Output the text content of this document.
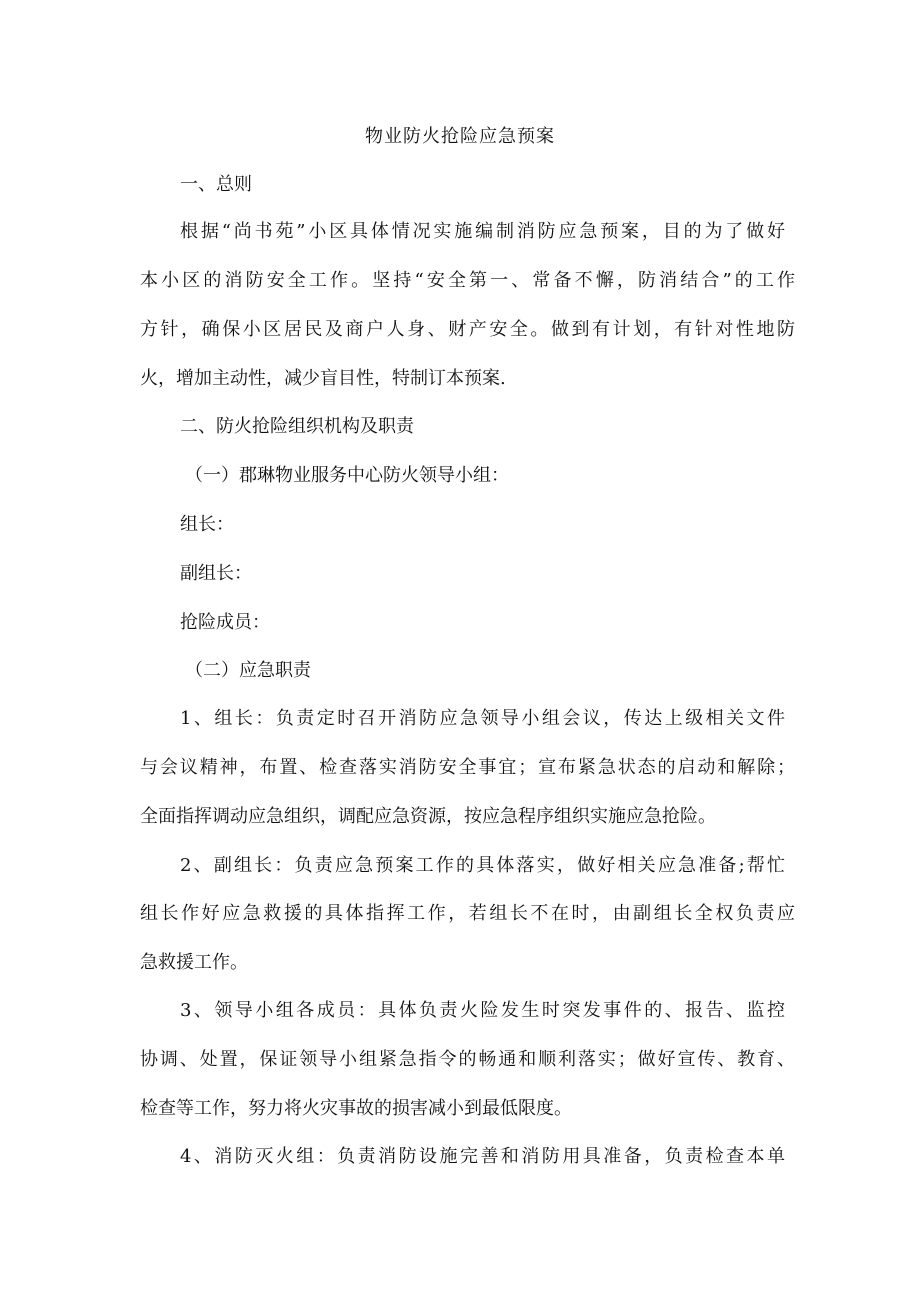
物业防火抢险应急预案

一、总则

根据“尚书苑”小区具体情况实施编制消防应急预案，目的为了做好

本小区的消防安全工作。坚持“安全第一、常备不懈，防消结合”的工作

方针，确保小区居民及商户人身、财产安全。做到有计划，有针对性地防

火，增加主动性，减少盲目性，特制订本预案.

二、防火抢险组织机构及职责

（一）郡琳物业服务中心防火领导小组：

组长：

副组长：

抢险成员：

（二）应急职责

1、组长：负责定时召开消防应急领导小组会议，传达上级相关文件

与会议精神，布置、检查落实消防安全事宜；宣布紧急状态的启动和解除；

全面指挥调动应急组织，调配应急资源，按应急程序组织实施应急抢险。

2、副组长：负责应急预案工作的具体落实，做好相关应急准备;帮忙

组长作好应急救援的具体指挥工作，若组长不在时，由副组长全权负责应

急救援工作。

3、领导小组各成员：具体负责火险发生时突发事件的、报告、监控

协调、处置，保证领导小组紧急指令的畅通和顺利落实；做好宣传、教育、

检查等工作，努力将火灾事故的损害减小到最低限度。

4、消防灭火组：负责消防设施完善和消防用具准备，负责检查本单
